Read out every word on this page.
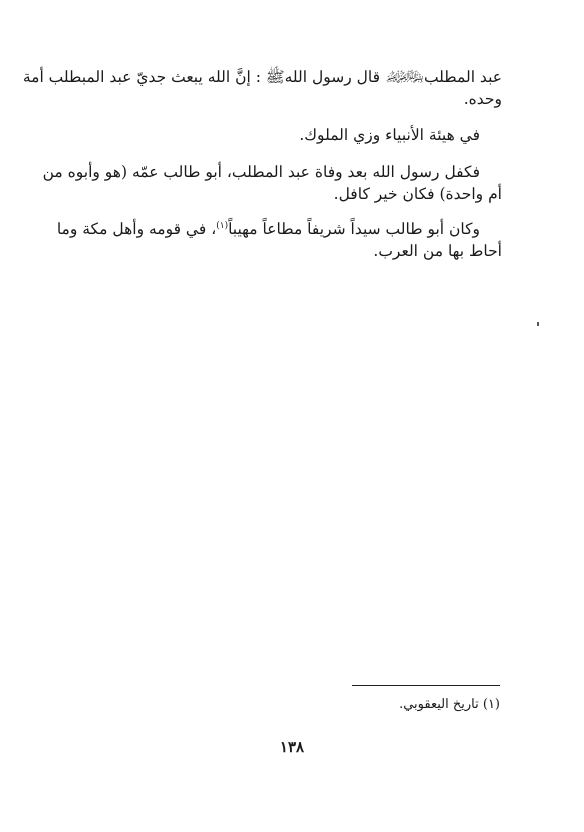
عبد المطلب﷽ قال رسول اللهﷺ : إنَّ الله يبعث جديّ عبد المبطلب أمة
وحده.
في هيئة الأنبياء وزي الملوك.
فكفل رسول الله بعد وفاة عبد المطلب، أبو طالب عمّه (هو وأبوه من
أم واحدة) فكان خير كافل.
وكان أبو طالب سيداً شريفاً مطاعاً مهيباً$^{(١)}$، في قومه وأهل مكة وما
أحاط بها من العرب.
(١) تاريخ اليعقوبي.
١٣٨
